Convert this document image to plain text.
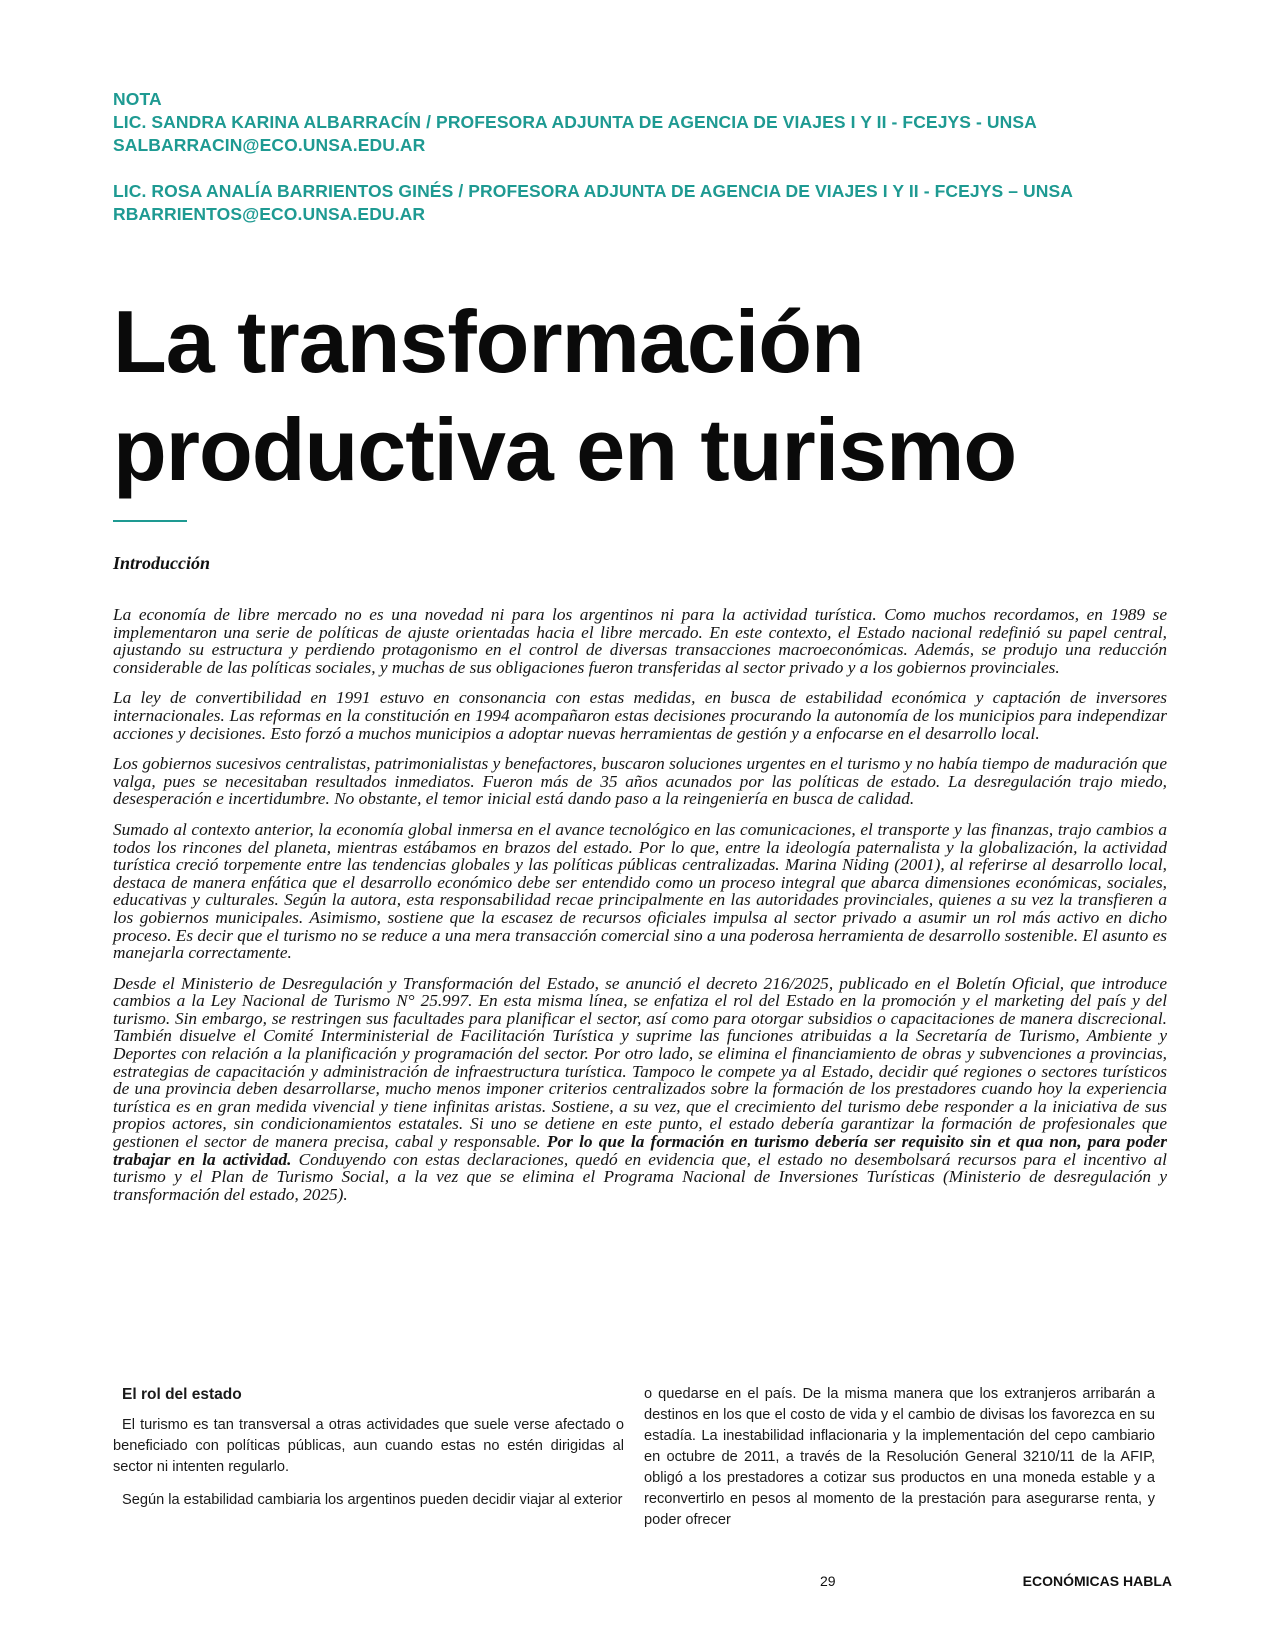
NOTA
LIC. SANDRA KARINA ALBARRACÍN / PROFESORA ADJUNTA DE AGENCIA DE VIAJES I Y II - FCEJYS - UNSA
SALBARRACIN@ECO.UNSA.EDU.AR
LIC. ROSA ANALÍA BARRIENTOS GINÉS / PROFESORA ADJUNTA DE AGENCIA DE VIAJES I Y II - FCEJYS – UNSA
RBARRIENTOS@ECO.UNSA.EDU.AR
La transformación
productiva en turismo
Introducción

La economía de libre mercado no es una novedad ni para los argentinos ni para la actividad turística. Como muchos recordamos, en 1989 se implementaron una serie de políticas de ajuste orientadas hacia el libre mercado. En este contexto, el Estado nacional redefinió su papel central, ajustando su estructura y perdiendo protagonismo en el control de diversas transacciones macroeconómicas. Además, se produjo una reducción considerable de las políticas sociales, y muchas de sus obligaciones fueron transferidas al sector privado y a los gobiernos provinciales.

La ley de convertibilidad en 1991 estuvo en consonancia con estas medidas, en busca de estabilidad económica y captación de inversores internacionales. Las reformas en la constitución en 1994 acompañaron estas decisiones procurando la autonomía de los municipios para independizar acciones y decisiones. Esto forzó a muchos municipios a adoptar nuevas herramientas de gestión y a enfocarse en el desarrollo local.

Los gobiernos sucesivos centralistas, patrimonialistas y benefactores, buscaron soluciones urgentes en el turismo y no había tiempo de maduración que valga, pues se necesitaban resultados inmediatos. Fueron más de 35 años acunados por las políticas de estado. La desregulación trajo miedo, desesperación e incertidumbre. No obstante, el temor inicial está dando paso a la reingeniería en busca de calidad.

Sumado al contexto anterior, la economía global inmersa en el avance tecnológico en las comunicaciones, el transporte y las finanzas, trajo cambios a todos los rincones del planeta, mientras estábamos en brazos del estado. Por lo que, entre la ideología paternalista y la globalización, la actividad turística creció torpemente entre las tendencias globales y las políticas públicas centralizadas. Marina Niding (2001), al referirse al desarrollo local, destaca de manera enfática que el desarrollo económico debe ser entendido como un proceso integral que abarca dimensiones económicas, sociales, educativas y culturales. Según la autora, esta responsabilidad recae principalmente en las autoridades provinciales, quienes a su vez la transfieren a los gobiernos municipales. Asimismo, sostiene que la escasez de recursos oficiales impulsa al sector privado a asumir un rol más activo en dicho proceso. Es decir que el turismo no se reduce a una mera transacción comercial sino a una poderosa herramienta de desarrollo sostenible. El asunto es manejarla correctamente.

Desde el Ministerio de Desregulación y Transformación del Estado, se anunció el decreto 216/2025, publicado en el Boletín Oficial, que introduce cambios a la Ley Nacional de Turismo N° 25.997. En esta misma línea, se enfatiza el rol del Estado en la promoción y el marketing del país y del turismo. Sin embargo, se restringen sus facultades para planificar el sector, así como para otorgar subsidios o capacitaciones de manera discrecional. También disuelve el Comité Interministerial de Facilitación Turística y suprime las funciones atribuidas a la Secretaría de Turismo, Ambiente y Deportes con relación a la planificación y programación del sector. Por otro lado, se elimina el financiamiento de obras y subvenciones a provincias, estrategias de capacitación y administración de infraestructura turística. Tampoco le compete ya al Estado, decidir qué regiones o sectores turísticos de una provincia deben desarrollarse, mucho menos imponer criterios centralizados sobre la formación de los prestadores cuando hoy la experiencia turística es en gran medida vivencial y tiene infinitas aristas. Sostiene, a su vez, que el crecimiento del turismo debe responder a la iniciativa de sus propios actores, sin condicionamientos estatales. Si uno se detiene en este punto, el estado debería garantizar la formación de profesionales que gestionen el sector de manera precisa, cabal y responsable. Por lo que la formación en turismo debería ser requisito sin et qua non, para poder trabajar en la actividad. Conduyendo con estas declaraciones, quedó en evidencia que, el estado no desembolsará recursos para el incentivo al turismo y el Plan de Turismo Social, a la vez que se elimina el Programa Nacional de Inversiones Turísticas (Ministerio de desregulación y transformación del estado, 2025).

El rol del estado

El turismo es tan transversal a otras actividades que suele verse afectado o beneficiado con políticas públicas, aun cuando estas no estén dirigidas al sector ni intenten regularlo.

Según la estabilidad cambiaria los argentinos pueden decidir viajar al exterior

o quedarse en el país. De la misma manera que los extranjeros arribarán a destinos en los que el costo de vida y el cambio de divisas los favorezca en su estadía. La inestabilidad inflacionaria y la implementación del cepo cambiario en octubre de 2011, a través de la Resolución General 3210/11 de la AFIP, obligó a los prestadores a cotizar sus productos en una moneda estable y a reconvertirlo en pesos al momento de la prestación para asegurarse renta, y poder ofrecer

29	ECONÓMICAS HABLA
